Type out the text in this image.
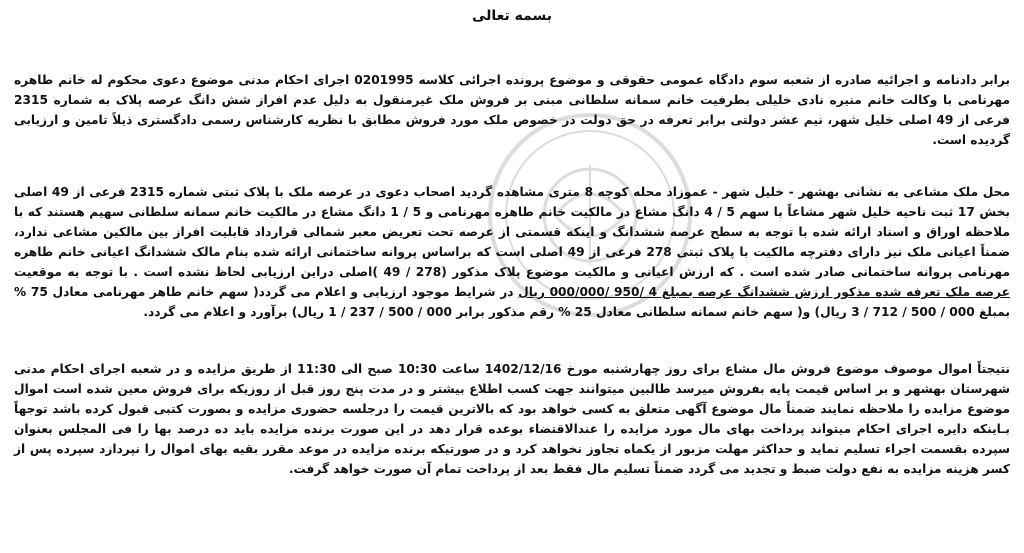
بسمه تعالی
برابر دادنامه و اجرائیه صادره از شعبه سوم دادگاه عمومی حقوقی و موضوع پرونده اجرائی کلاسه 0201995 اجرای احکام مدنی موضوع دعوی محکوم له خانم طاهره مهرنامی با وکالت خانم منیره نادی خلیلی بطرفیت خانم سمانه سلطانی مبنی بر فروش ملک غیرمنقول به دلیل عدم افراز شش دانگ عرصه پلاک به شماره 2315 فرعی از 49 اصلی خلیل شهر، نیم عشر دولتی برابر تعرفه در حق دولت در خصوص ملک مورد فروش مطابق با نظریه کارشناس رسمی دادگستری ذیلاً تامین و ارزیابی گردیده است.
محل ملک مشاعی به نشانی بهشهر - خلیل شهر - عموزاد محله کوچه 8 متری مشاهده گردید اصحاب دعوی در عرصه ملک با پلاک ثبتی شماره 2315 فرعی از 49 اصلی بخش 17 ثبت ناحیه خلیل شهر مشاعاً با سهم 5 / 4 دانگ مشاع در مالکیت خانم طاهره مهرنامی و 5 / 1 دانگ مشاع در مالکیت خانم سمانه سلطانی سهیم هستند که با ملاحظه اوراق و اسناد ارائه شده با توجه به سطح عرصه ششدانگ و اینکه قسمتی از عرصه تحت تعریض معبر شمالی قرارداد قابلیت افراز بین مالکین مشاعی ندارد، ضمناً اعیانی ملک نیز دارای دفترچه مالکیت با پلاک ثبتی 278 فرعی از 49 اصلی است که براساس پروانه ساختمانی ارائه شده بنام مالک ششدانگ اعیانی خانم طاهره مهرنامی پروانه ساختمانی صادر شده است . که ارزش اعیانی و مالکیت موضوع پلاک مذکور (278 / 49 )اصلی دراین ارزیابی لحاظ نشده است . با توجه به موقعیت عرصه ملک تعرفه شده مذکور ارزش ششدانگ عرصه بمبلغ 4 /950 /000/000 ریال در شرایط موجود ارزیابی و اعلام می گردد( سهم خانم طاهر مهرنامی معادل 75 % بمبلغ 000 / 500 / 712 / 3 ریال) و( سهم خانم سمانه سلطانی معادل 25 % رقم مذکور برابر 000 / 500 / 237 / 1 ریال) برآورد و اعلام می گردد.
نتیجتاً اموال موصوف موضوع فروش مال مشاع برای روز چهارشنبه مورخ 1402/12/16 ساعت 10:30 صبح الی 11:30 از طریق مزایده و در شعبه اجرای احکام مدنی شهرستان بهشهر و بر اساس قیمت پایه بفروش میرسد طالبین میتوانند جهت کسب اطلاع بیشتر و در مدت پنج روز قبل از روزیکه برای فروش معین شده است اموال موضوع مزایده را ملاحظه نمایند ضمناً مال موضوع آگهی متعلق به کسی خواهد بود که بالاترین قیمت را درجلسه حضوری مزایده و بصورت کتبی قبول کرده باشد توجهاً بـاینکه دایره اجرای احکام میتواند پرداخت بهای مال مورد مزایده را عندالاقتضاء بوعده قرار دهد در این صورت برنده مزایده باید ده درصد بها را فی المجلس بعنوان سپرده بقسمت اجراء تسلیم نماید و حداکثر مهلت مزبور از یکماه تجاوز نخواهد کرد و در صورتیکه برنده مزایده در موعد مقرر بقیه بهای اموال را نپردازد سپرده پس از کسر هزینه مزایده به نفع دولت ضبط و تجدید می گردد ضمناً تسلیم مال فقط بعد از پرداخت تمام آن صورت خواهد گرفت.
